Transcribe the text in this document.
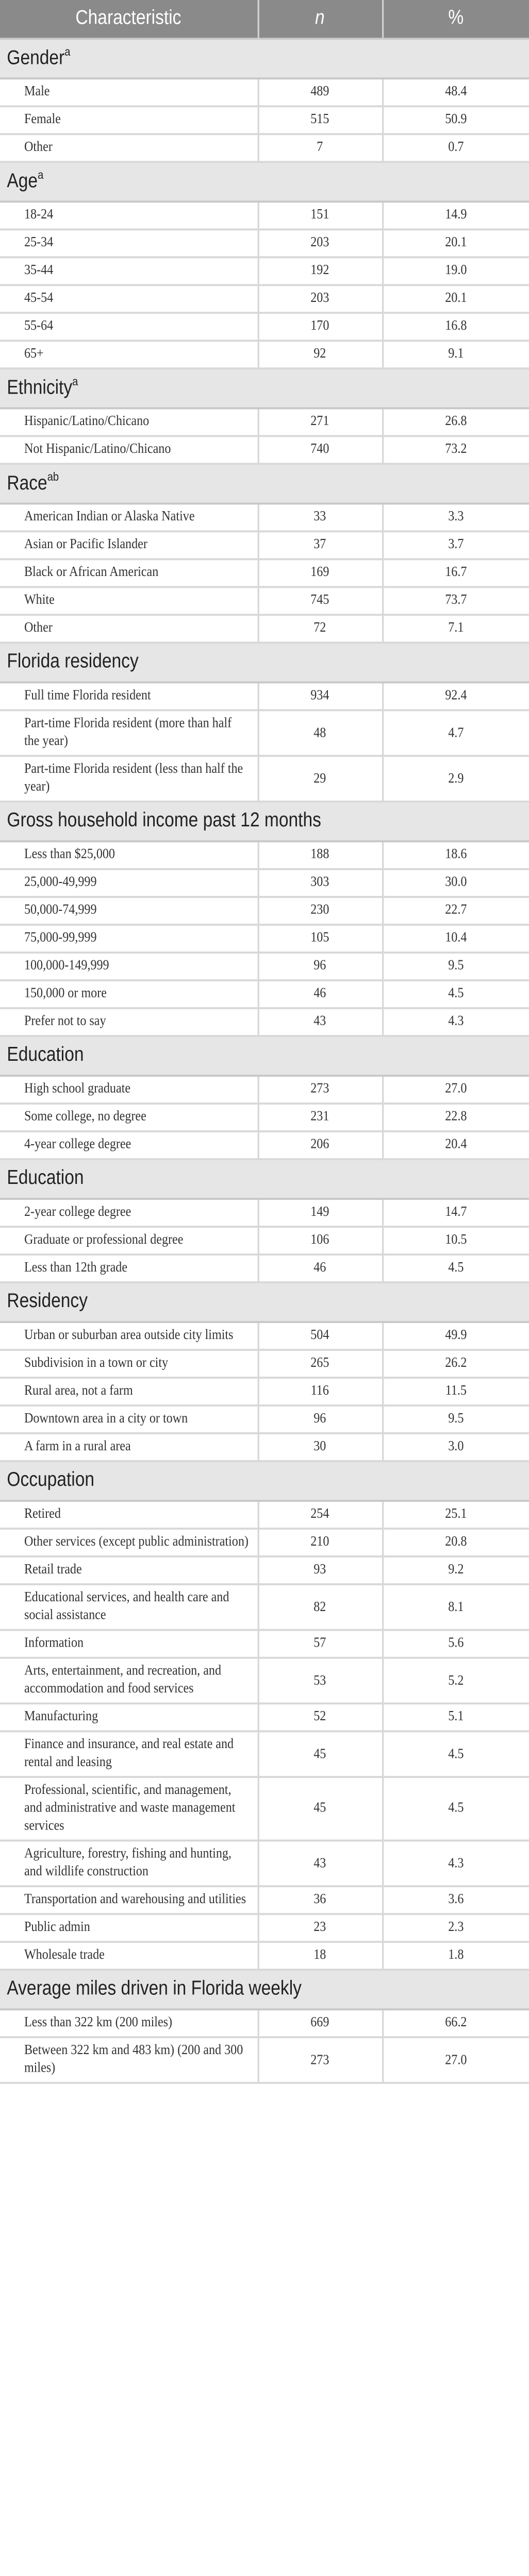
Characteristic	n	%
Gender$^a$
Male	489	48.4
Female	515	50.9
Other	7	0.7
Age$^a$
18-24	151	14.9
25-34	203	20.1
35-44	192	19.0
45-54	203	20.1
55-64	170	16.8
65+	92	9.1
Ethnicity$^a$
Hispanic/Latino/Chicano	271	26.8
Not Hispanic/Latino/Chicano	740	73.2
Race$^{ab}$
American Indian or Alaska Native	33	3.3
Asian or Pacific Islander	37	3.7
Black or African American	169	16.7
White	745	73.7
Other	72	7.1
Florida residency		
Full time Florida resident	934	92.4
Part-time Florida resident (more than half the year)	48	4.7
Part-time Florida resident (less than half the year)	29	2.9
Gross household income past 12 months		
Less than $25,000	188	18.6
25,000-49,999	303	30.0
50,000-74,999	230	22.7
75,000-99,999	105	10.4
100,000-149,999	96	9.5
150,000 or more	46	4.5
Prefer not to say	43	4.3
Education		
High school graduate	273	27.0
Some college, no degree	231	22.8
4-year college degree	206	20.4
Education		
2-year college degree	149	14.7
Graduate or professional degree	106	10.5
Less than 12th grade	46	4.5
Residency		
Urban or suburban area outside city limits	504	49.9
Subdivision in a town or city	265	26.2
Rural area, not a farm	116	11.5
Downtown area in a city or town	96	9.5
A farm in a rural area	30	3.0
Occupation		
Retired	254	25.1
Other services (except public administration)	210	20.8
Retail trade	93	9.2
Educational services, and health care and social assistance	82	8.1
Information	57	5.6
Arts, entertainment, and recreation, and accommodation and food services	53	5.2
Manufacturing	52	5.1
Finance and insurance, and real estate and rental and leasing	45	4.5
Professional, scientific, and management, and administrative and waste management services	45	4.5
Agriculture, forestry, fishing and hunting, and wildlife construction	43	4.3
Transportation and warehousing and utilities	36	3.6
Public admin	23	2.3
Wholesale trade	18	1.8
Average miles driven in Florida weekly		
Less than 322 km (200 miles)	669	66.2
Between 322 km and 483 km) (200 and 300 miles)	273	27.0
